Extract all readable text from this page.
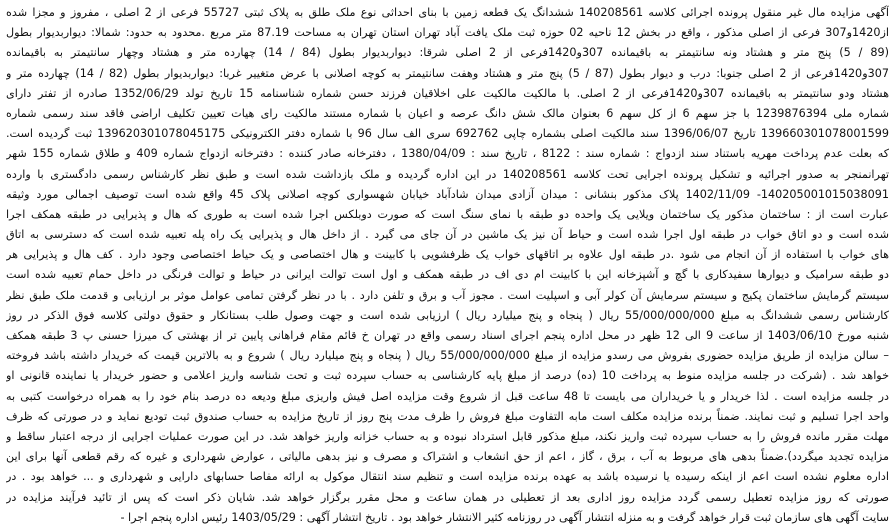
آگهی مزایده مال غیر منقول پرونده اجرائی کلاسه 140208561 ششدانگ یک قطعه زمین با بنای احداثی نوع ملک طلق به پلاک ثبتی 55727 فرعی از 2 اصلی ، مفروز و مجزا شده
از1420و307 فرعی از اصلی مذکور ، واقع در بخش 12 ناحیه 02 حوزه ثبت ملک یافت آباد تهران استان تهران به مساحت 87.19 متر مربع .محدود به حدود: شمالا: دیواربدیوار بطول
(89 / 5) پنج متر و هشتاد ونه سانتیمتر به باقیمانده 307و1420فرعی از 2 اصلی شرقا: دیواربدیوار بطول (84 / 14) چهارده متر و هشتاد وچهار سانتیمتر به باقیمانده
307و1420فرعی از 2 اصلی جنوبا: درب و دیوار بطول (87 / 5) پنج متر و هشتاد وهفت سانتیمتر به کوچه اصلانی با عرض متغییر غربا: دیواربدیوار بطول (82 / 14) چهارده متر و
هشتاد ودو سانتیمتر به باقیمانده 307و1420فرعی از 2 اصلی. با مالکیت مالکیت علی اخلاقیان فرزند حسن شماره شناسنامه 15 تاریخ تولد 1352/06/29 صادره از تفتر دارای
شماره ملی 1239876394 با جز سهم 6 از کل سهم 6 بعنوان مالک شش دانگ عرصه و اعیان با شماره مستند مالکیت رای هیات تعیین تکلیف اراضی فاقد سند رسمی شماره
139660301078001599 تاریخ 1396/06/07 سند مالکیت اصلی بشماره چاپی 692762 سری الف سال 96 با شماره دفتر الکترونیکی 139620301078045175 ثبت گردیده است.
که بعلت عدم پرداخت مهریه باستناد سند ازدواج : شماره سند : 8122 ، تاریخ سند : 1380/04/09 ، دفترخانه صادر کننده : دفترخانه ازدواج شماره 409 و طلاق شماره 155 شهر
تهرانمنجر به صدور اجرائیه و تشکیل پرونده اجرایی تحت کلاسه 140208561 در این اداره گردیده و ملک بازداشت شده است و طبق نظر کارشناس رسمی دادگستری با وارده
140205001015038091- 1402/11/09 پلاک مذکور بنشانی : میدان آزادی میدان شادآباد خیابان شهسواری کوچه اصلانی پلاک 45 واقع شده است توصیف اجمالی مورد وثیقه
عبارت است از : ساختمان مذکور یک ساختمان ویلایی یک واحده دو طبقه با نمای سنگ است که صورت دوبلکس اجرا شده است به طوری که هال و پذیرایی در طبقه همکف اجرا
شده است و دو اتاق خواب در طبقه اول اجرا شده است و حیاط آن نیز یک ماشین در آن جای می گیرد . از داخل هال و پذیرایی یک راه پله تعبیه شده است که دسترسی به اتاق
های خواب با استفاده از آن انجام می شود .در طبقه اول علاوه بر اتاقهای خواب یک ظرفشویی با کابینت و هال اختصاصی و یک حیاط اختصاصی وجود دارد . کف هال و پذیرایی هر
دو طبقه سرامیک و دیوارها سفیدکاری با گچ و آشپزخانه این با کابینت ام دی اف در طبقه همکف و اول است توالت ایرانی در حیاط و توالت فرنگی در داخل حمام تعبیه شده است
سیستم گرمایش ساختمان پکیج و سیستم سرمایش آن کولر آبی و اسپلیت است . مجوز آب و برق و تلفن دارد . با در نظر گرفتن تمامی عوامل موثر بر ارزیابی و قدمت ملک طبق نظر
کارشناس رسمی ششدانگ به مبلغ 55/000/000/000 ریال ( پنجاه و پنج میلیارد ریال ) ارزیابی شده است و جهت وصول طلب بستانکار و حقوق دولتی کلاسه فوق الذکر در روز
شنبه مورخ 1403/06/10 از ساعت 9 الی 12 ظهر در محل اداره پنجم اجرای اسناد رسمی واقع در تهران خ قائم مقام فراهانی پایین تر از بهشتی ک میرزا حسنی پ 3 طبقه همکف
– سالن مزایده از طریق مزایده حضوری بفروش می رسدو مزایده از مبلغ 55/000/000/000 ریال ( پنجاه و پنج میلیارد ریال ) شروع و به بالاترین قیمت که خریدار داشته باشد فروخته
خواهد شد . (شرکت در جلسه مزایده منوط به پرداخت 10 (ده) درصد از مبلغ پایه کارشناسی به حساب سپرده ثبت و تحت شناسه واریز اعلامی و حضور خریدار یا نماینده قانونی او
در جلسه مزایده است . لذا خریدار و یا خریداران می بایست تا 48 ساعت قبل از شروع وقت مزایده اصل فیش واریزی مبلغ ودیعه ده درصد بنام خود را به همراه درخواست کتبی به
واحد اجرا تسلیم و ثبت نمایند. ضمناً برنده مزایده مکلف است مابه التفاوت مبلغ فروش را ظرف مدت پنج روز از تاریخ مزایده به حساب صندوق ثبت تودیع نماید و در صورتی که ظرف
مهلت مقرر مانده فروش را به حساب سپرده ثبت واریز نکند، مبلغ مذکور قابل استرداد نبوده و به حساب خزانه واریز خواهد شد. در این صورت عملیات اجرایی از درجه اعتبار ساقط و
مزایده تجدید میگردد).ضمناً بدهی های مربوط به آب ، برق ، گاز ، اعم از حق انشعاب و اشتراک و مصرف و نیز بدهی مالیاتی ، عوارض شهرداری و غیره که رقم قطعی آنها برای این
اداره معلوم نشده است اعم از اینکه رسیده یا نرسیده باشد به عهده برنده مزایده است و تنظیم سند انتقال موکول به ارائه مفاصا حسابهای دارایی و شهرداری و ... خواهد بود . در
صورتی که روز مزایده تعطیل رسمی گردد مزایده روز اداری بعد از تعطیلی در همان ساعت و محل مقرر برگزار خواهد شد. شایان ذکر است که پس از تائید فرآیند مزایده در
سایت آگهی های سازمان ثبت قرار خواهد گرفت و به منزله انتشار آگهی در روزنامه کثیر الانتشار خواهد بود . تاریخ انتشار آگهی : 1403/05/29 رئیس اداره پنجم اجرا -
